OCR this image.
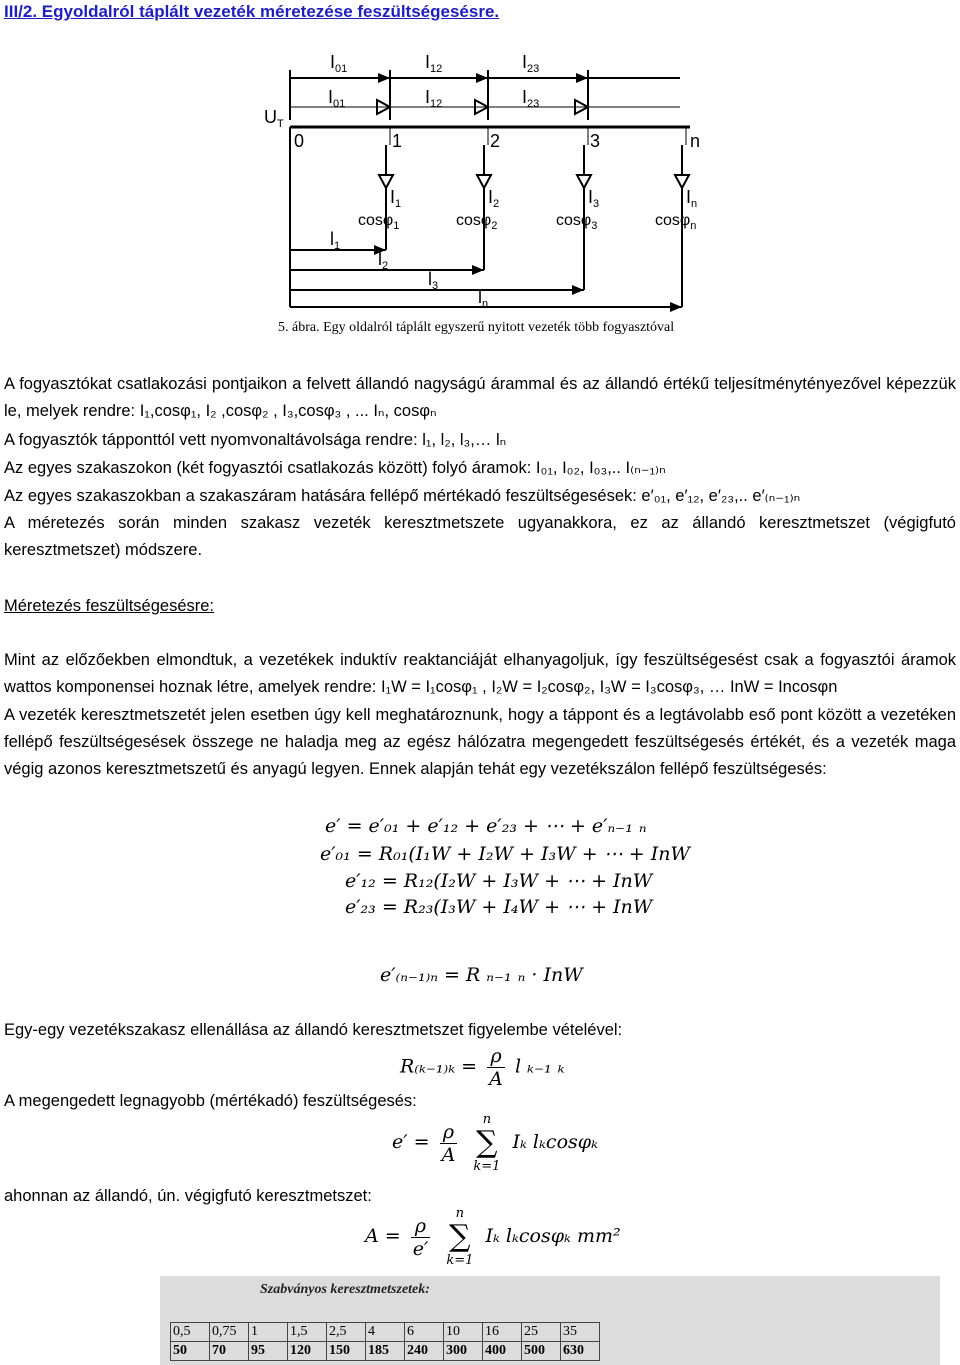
III/2. Egyoldalról táplált vezeték méretezése feszültségesésre.
$I_{01}$	$I_{12}$	$I_{23}$
$I_{01}$	$I_{12}$	$I_{23}$
$U_T$
0	1	2	3	n
$I_1$	$I_2$	$I_3$	$I_n$
cosφ$_1$	cosφ$_2$	cosφ$_3$	cosφ$_n$
$l_1$
$l_2$
$l_3$
$l_n$
5. ábra. Egy oldalról táplált egyszerű nyitott vezeték több fogyasztóval
A fogyasztókat csatlakozási pontjaikon a felvett állandó nagyságú árammal és az állandó értékű teljesítménytényezővel képezzük le, melyek rendre: I₁,cosφ₁, I₂ ,cosφ₂ , I₃,cosφ₃ , ... Iₙ, cosφₙ
A fogyasztók tápponttól vett nyomvonaltávolsága rendre: l₁, l₂, l₃,… lₙ
Az egyes szakaszokon (két fogyasztói csatlakozás között) folyó áramok: I₀₁, I₀₂, I₀₃,.. I₍ₙ₋₁₎ₙ
Az egyes szakaszokban a szakaszáram hatására fellépő mértékadó feszültségesések: e′₀₁, e′₁₂, e′₂₃,.. e′₍ₙ₋₁₎ₙ
A méretezés során minden szakasz vezeték keresztmetszete ugyanakkora, ez az állandó keresztmetszet (végigfutó keresztmetszet) módszere.
Méretezés feszültségesésre:
Mint az előzőekben elmondtuk, a vezetékek induktív reaktanciáját elhanyagoljuk, így feszültségesést csak a fogyasztói áramok wattos komponensei hoznak létre, amelyek rendre: I₁W = I₁cosφ₁ , I₂W = I₂cosφ₂, I₃W = I₃cosφ₃, … InW = Incosφn
A vezeték keresztmetszetét jelen esetben úgy kell meghatároznunk, hogy a táppont és a legtávolabb eső pont között a vezetéken fellépő feszültségesések összege ne haladja meg az egész hálózatra megengedett feszültségesés értékét, és a vezeték maga végig azonos keresztmetszetű és anyagú legyen. Ennek alapján tehát egy vezetékszálon fellépő feszültségesés:
e′ = e′₀₁ + e′₁₂ + e′₂₃ + ⋯ + e′ₙ₋₁ ₙ
e′₀₁ = R₀₁(I₁W + I₂W + I₃W + ⋯ + InW
e′₁₂ = R₁₂(I₂W + I₃W + ⋯ + InW
e′₂₃ = R₂₃(I₃W + I₄W + ⋯ + InW
e′₍ₙ₋₁₎ₙ = R ₙ₋₁ ₙ · InW
Egy-egy vezetékszakasz ellenállása az állandó keresztmetszet figyelembe vételével:
$R_{(k-1)k} = \frac{\rho}{A}$ l ₖ₋₁ ₖ
A megengedett legnagyobb (mértékadó) feszültségesés:
$e' = \frac{\rho}{A}$
n
∑
k=1 Iₖ lₖcosφₖ
ahonnan az állandó, ún. végigfutó keresztmetszet:
$A = \frac{\rho}{e'}$
n
∑
k=1 Iₖ lₖcosφₖ mm²
Szabványos keresztmetszetek:
0,5	0,75	1	1,5	2,5	4	6	10	16	25	35
50	70	95	120	150	185	240	300	400	500	630
